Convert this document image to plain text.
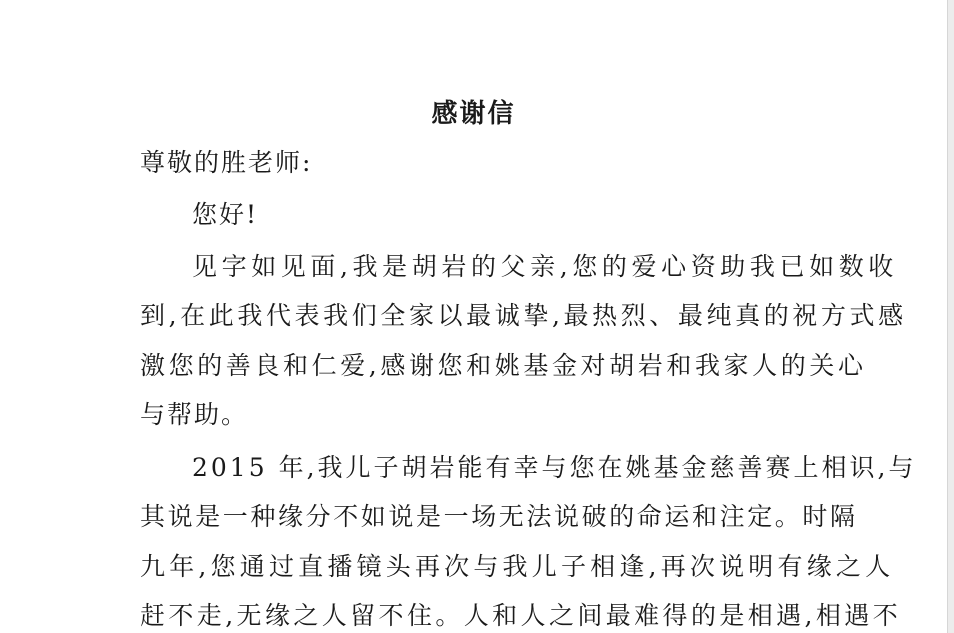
感谢信
尊敬的胜老师:
您好!
见字如见面,我是胡岩的父亲,您的爱心资助我已如数收
到,在此我代表我们全家以最诚挚,最热烈、最纯真的祝方式感
激您的善良和仁爱,感谢您和姚基金对胡岩和我家人的关心
与帮助。
2015 年,我儿子胡岩能有幸与您在姚基金慈善赛上相识,与
其说是一种缘分不如说是一场无法说破的命运和注定。时隔
九年,您通过直播镜头再次与我儿子相逢,再次说明有缘之人
赶不走,无缘之人留不住。人和人之间最难得的是相遇,相遇不
